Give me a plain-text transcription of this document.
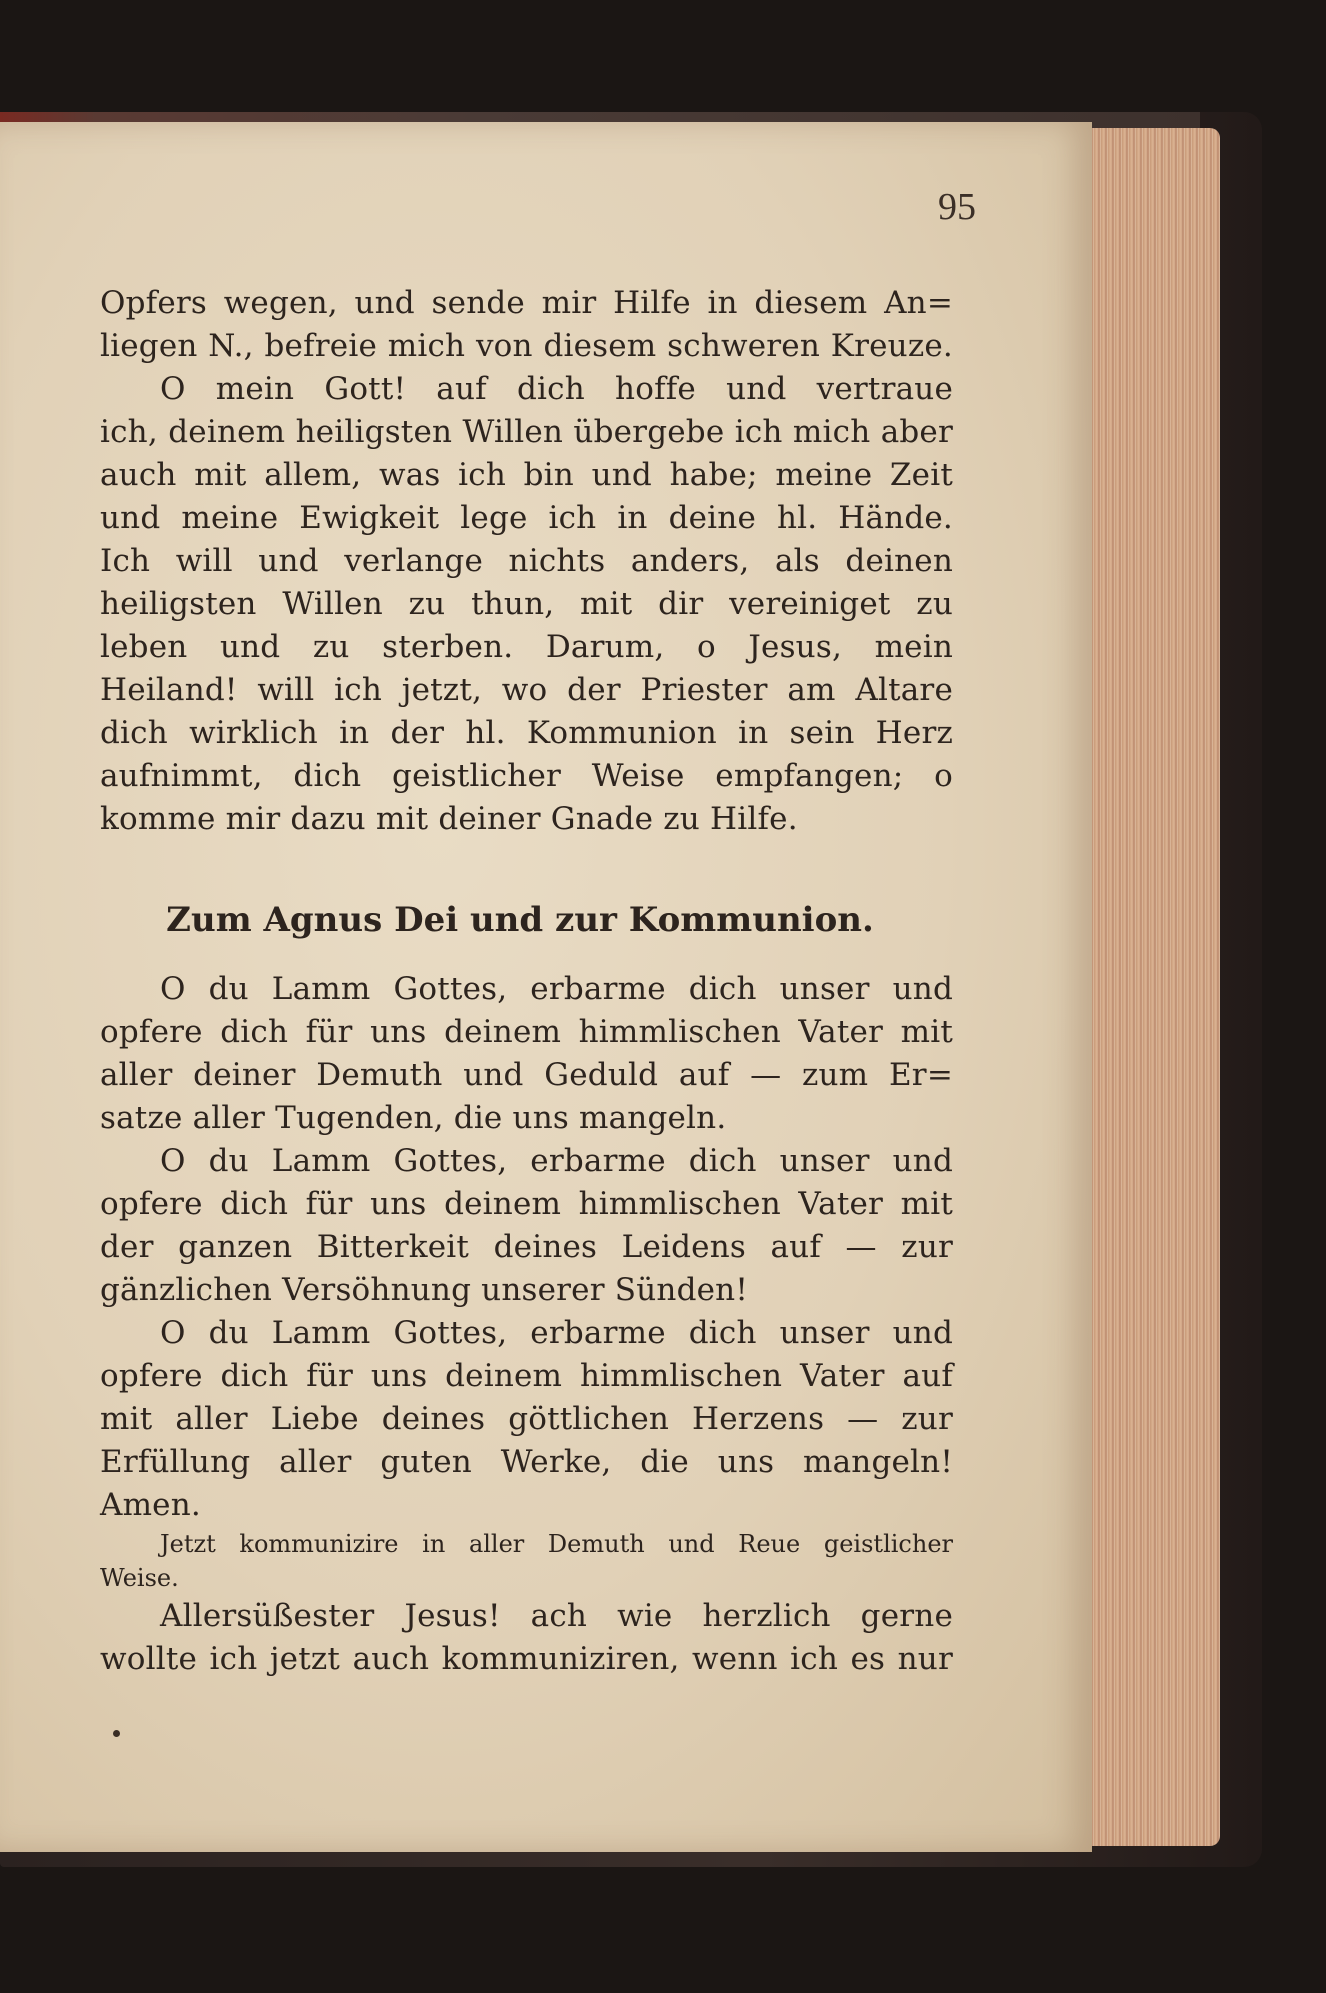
95
Opfers wegen, und sende mir Hilfe in diesem An=
liegen N., befreie mich von diesem schweren Kreuze.
O mein Gott! auf dich hoffe und vertraue
ich, deinem heiligsten Willen übergebe ich mich aber
auch mit allem, was ich bin und habe; meine Zeit
und meine Ewigkeit lege ich in deine hl. Hände.
Ich will und verlange nichts anders, als deinen
heiligsten Willen zu thun, mit dir vereiniget zu
leben und zu sterben. Darum, o Jesus, mein
Heiland! will ich jetzt, wo der Priester am Altare
dich wirklich in der hl. Kommunion in sein Herz
aufnimmt, dich geistlicher Weise empfangen; o
komme mir dazu mit deiner Gnade zu Hilfe.
Zum Agnus Dei und zur Kommunion.
O du Lamm Gottes, erbarme dich unser und
opfere dich für uns deinem himmlischen Vater mit
aller deiner Demuth und Geduld auf — zum Er=
satze aller Tugenden, die uns mangeln.
O du Lamm Gottes, erbarme dich unser und
opfere dich für uns deinem himmlischen Vater mit
der ganzen Bitterkeit deines Leidens auf — zur
gänzlichen Versöhnung unserer Sünden!
O du Lamm Gottes, erbarme dich unser und
opfere dich für uns deinem himmlischen Vater auf
mit aller Liebe deines göttlichen Herzens — zur
Erfüllung aller guten Werke, die uns mangeln!
Amen.
Jetzt kommunizire in aller Demuth und Reue geistlicher
Weise.
Allersüßester Jesus! ach wie herzlich gerne
wollte ich jetzt auch kommuniziren, wenn ich es nur
